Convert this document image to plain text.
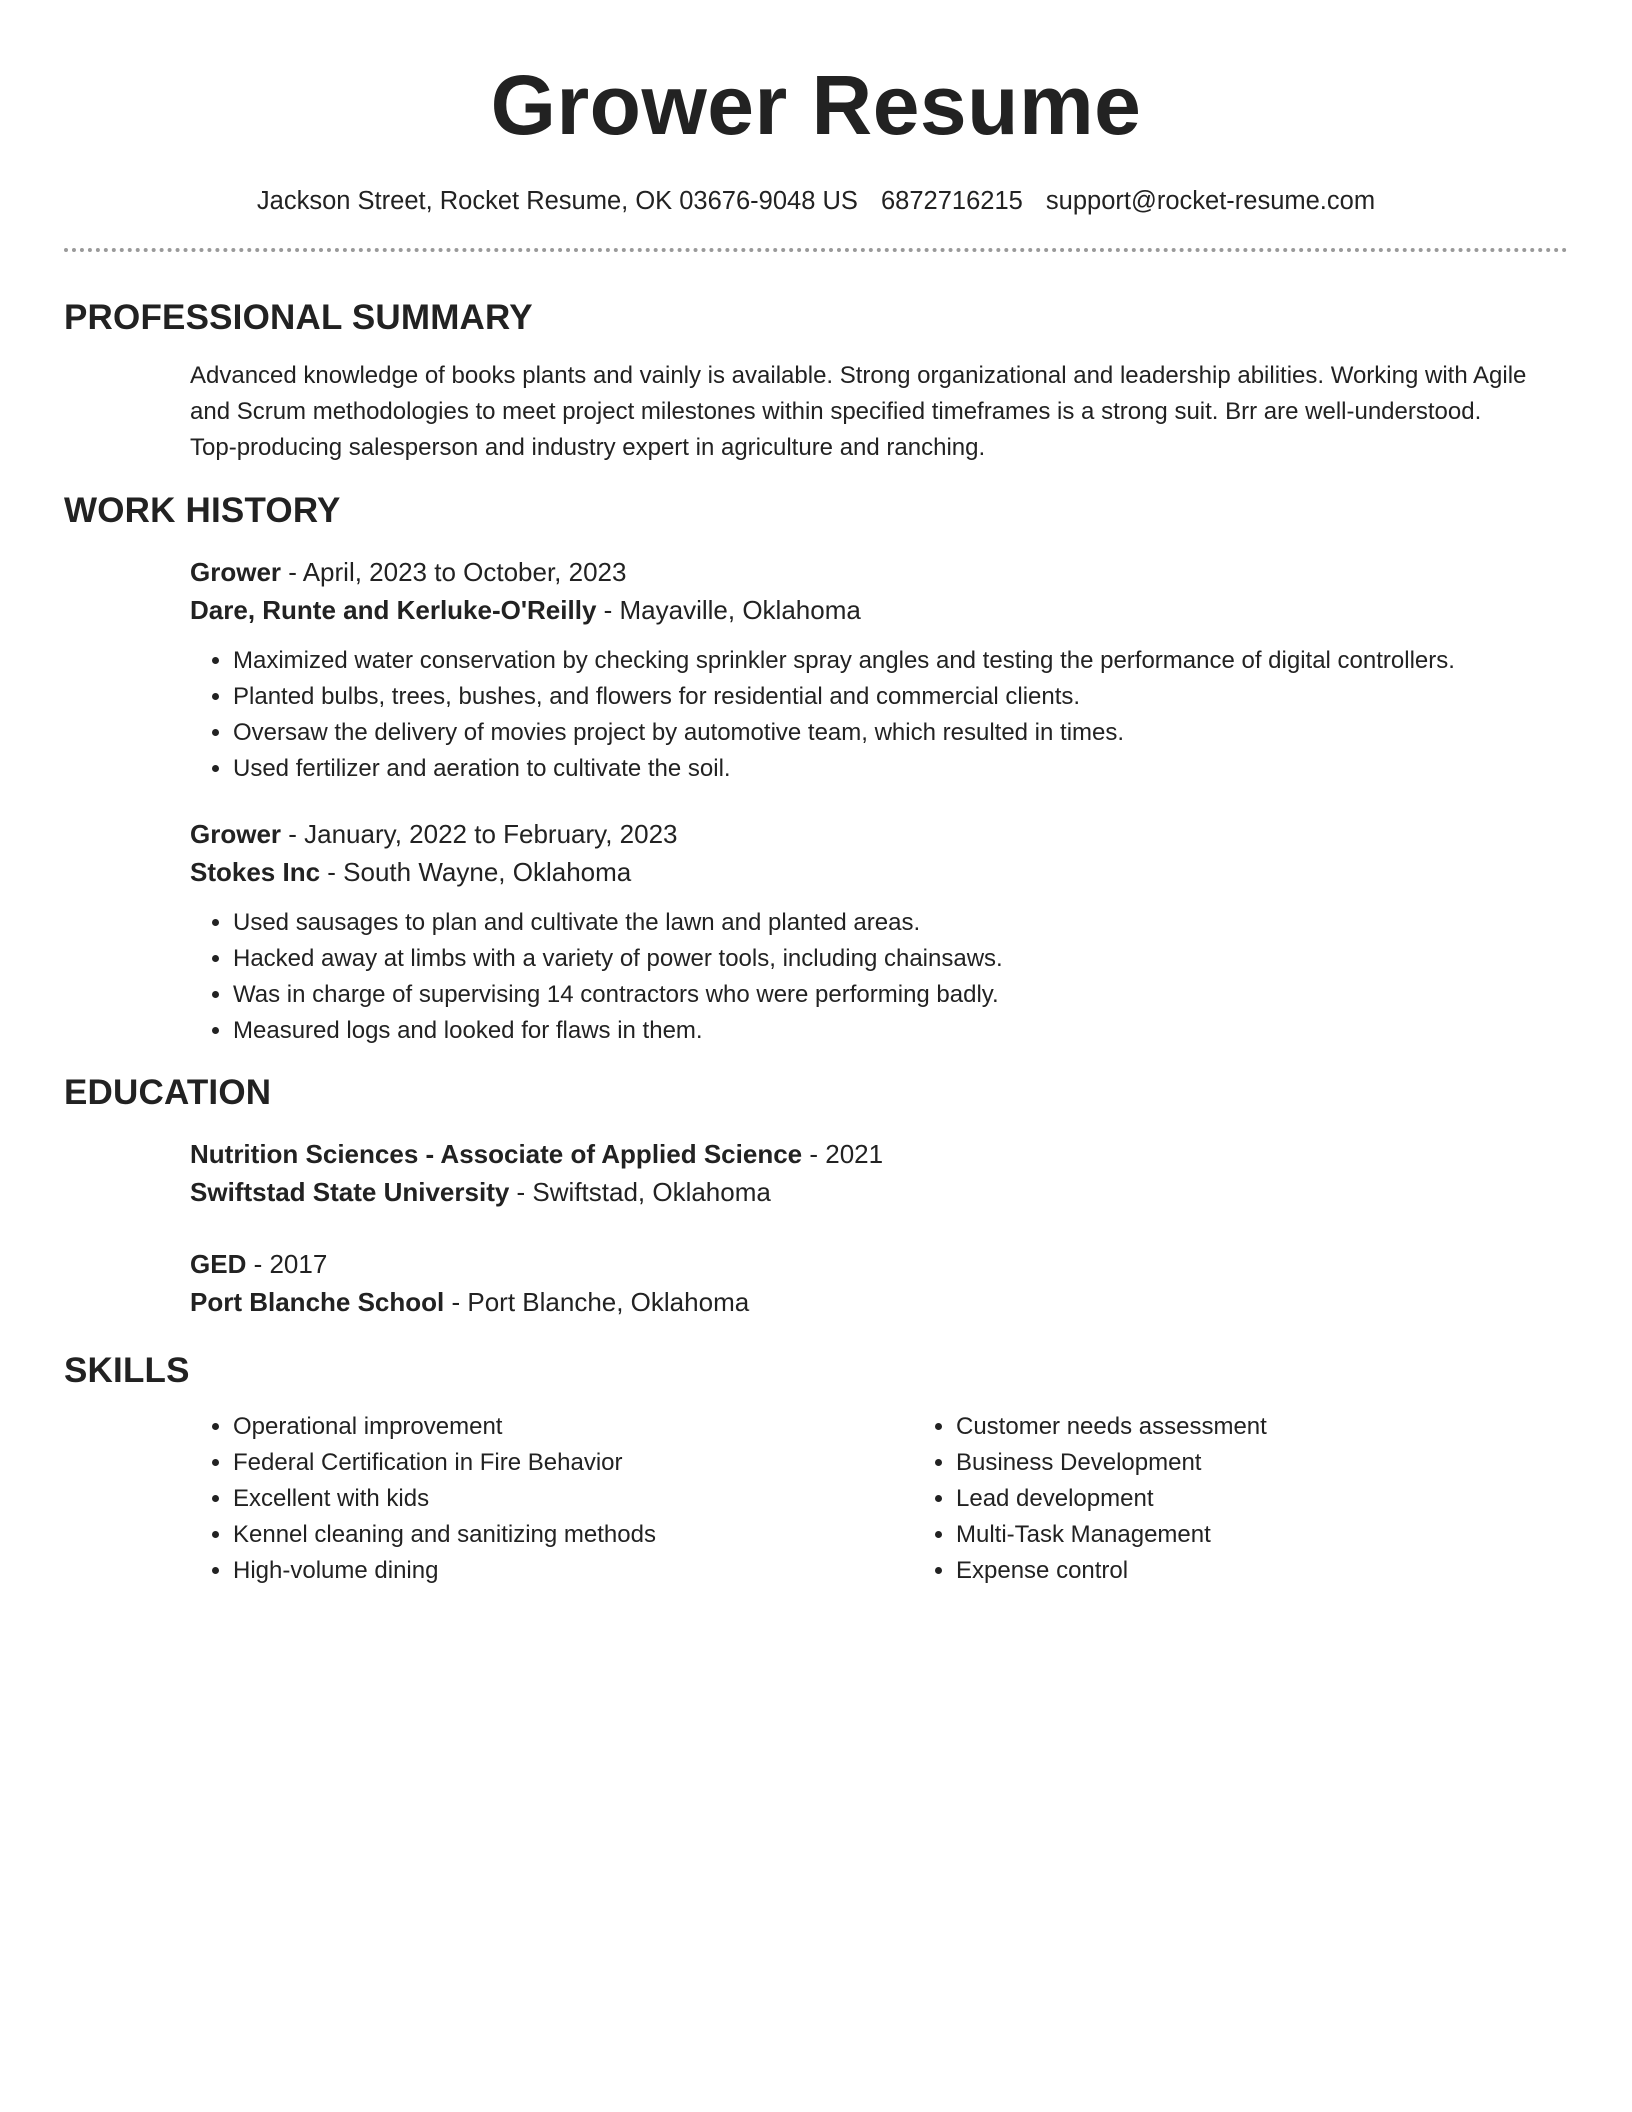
Grower Resume
Jackson Street, Rocket Resume, OK 03676-9048 US 6872716215 support@rocket-resume.com
PROFESSIONAL SUMMARY

Advanced knowledge of books plants and vainly is available. Strong organizational and leadership abilities. Working with Agile and Scrum methodologies to meet project milestones within specified timeframes is a strong suit. Brr are well-understood. Top-producing salesperson and industry expert in agriculture and ranching.

WORK HISTORY

Grower - April, 2023 to October, 2023

Dare, Runte and Kerluke-O'Reilly - Mayaville, Oklahoma

• Maximized water conservation by checking sprinkler spray angles and testing the performance of digital controllers.
• Planted bulbs, trees, bushes, and flowers for residential and commercial clients.
• Oversaw the delivery of movies project by automotive team, which resulted in times.
• Used fertilizer and aeration to cultivate the soil.

Grower - January, 2022 to February, 2023

Stokes Inc - South Wayne, Oklahoma

• Used sausages to plan and cultivate the lawn and planted areas.
• Hacked away at limbs with a variety of power tools, including chainsaws.
• Was in charge of supervising 14 contractors who were performing badly.
• Measured logs and looked for flaws in them.
EDUCATION

Nutrition Sciences - Associate of Applied Science - 2021

Swiftstad State University - Swiftstad, Oklahoma

GED - 2017

Port Blanche School - Port Blanche, Oklahoma

SKILLS
• Operational improvement
• Federal Certification in Fire Behavior
• Excellent with kids
• Kennel cleaning and sanitizing methods
• High-volume dining
• Customer needs assessment
• Business Development
• Lead development
• Multi-Task Management
• Expense control
